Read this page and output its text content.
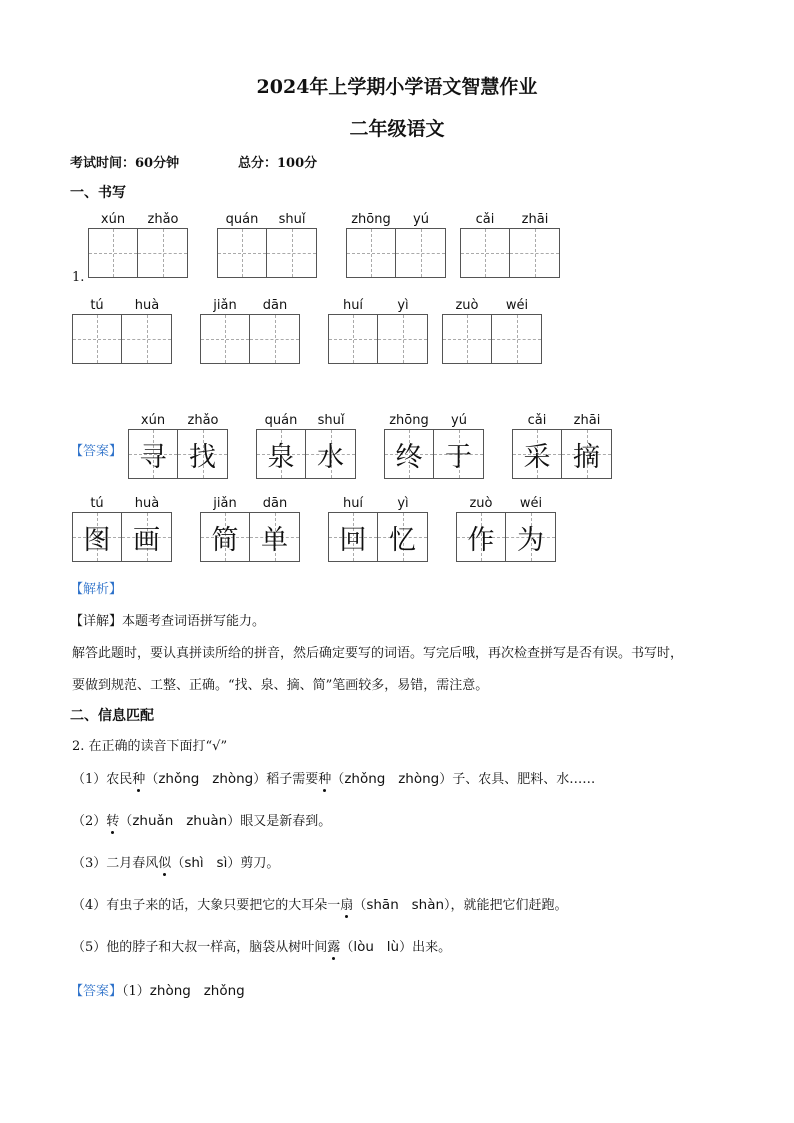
2024年上学期小学语文智慧作业
二年级语文
考试时间：60分钟	总分：100分
一、书写
1.
xún	zhǎo	quán	shuǐ	zhōng	yú	cǎi	zhāi
tú	huà	jiǎn	dān	huí	yì	zuò	wéi
【答案】
xún	zhǎo
寻 找
quán	shuǐ
泉 水
zhōng	yú
终 于
cǎi	zhāi
采 摘
tú	huà
图 画
jiǎn	dān
简 单
huí	yì
回 忆
zuò	wéi
作 为
【解析】
【详解】本题考查词语拼写能力。
解答此题时，要认真拼读所给的拼音，然后确定要写的词语。写完后哦，再次检查拼写是否有误。书写时，
要做到规范、工整、正确。“找、泉、摘、简”笔画较多，易错，需注意。
二、信息匹配
2. 在正确的读音下面打“√”
（1）农民种（zhǒng   zhòng）稻子需要种（zhǒng   zhòng）子、农具、肥料、水……
（2）转（zhuǎn   zhuàn）眼又是新春到。
（3）二月春风似（shì   sì）剪刀。
（4）有虫子来的话，大象只要把它的大耳朵一扇（shān   shàn），就能把它们赶跑。
（5）他的脖子和大叔一样高，脑袋从树叶间露（lòu   lù）出来。
【答案】（1）zhòng   zhǒng
